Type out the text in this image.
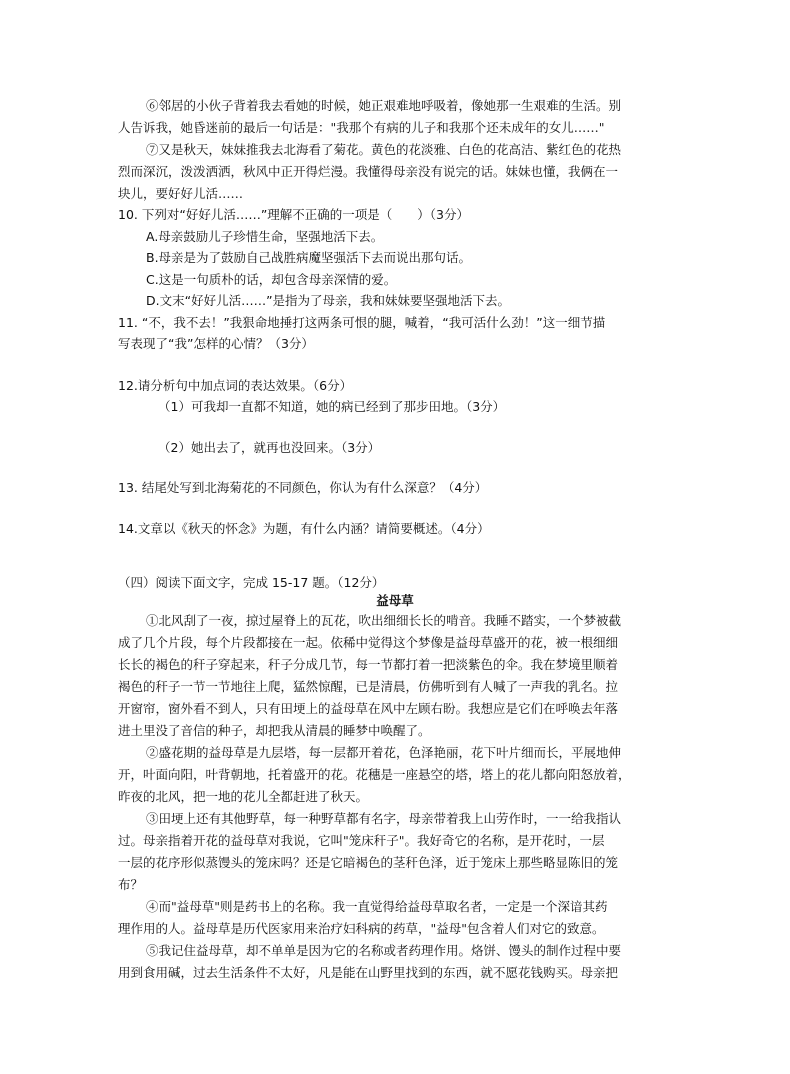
⑥邻居的小伙子背着我去看她的时候，她正艰难地呼吸着，像她那一生艰难的生活。别
人告诉我，她昏迷前的最后一句话是："我那个有病的儿子和我那个还未成年的女儿……"
⑦又是秋天，妹妹推我去北海看了菊花。黄色的花淡雅、白色的花高洁、紫红色的花热
烈而深沉，泼泼洒洒，秋风中正开得烂漫。我懂得母亲没有说完的话。妹妹也懂，我俩在一
块儿，要好好儿活……
10. 下列对“好好儿活……”理解不正确的一项是（　　）（3分）
A.母亲鼓励儿子珍惜生命，坚强地活下去。
B.母亲是为了鼓励自己战胜病魔坚强活下去而说出那句话。
C.这是一句质朴的话，却包含母亲深情的爱。
D.文末“好好儿活……”是指为了母亲，我和妹妹要坚强地活下去。
11. “不，我不去！”我狠命地捶打这两条可恨的腿，喊着，“我可活什么劲！”这一细节描
写表现了“我”怎样的心情？（3分）
12.请分析句中加点词的表达效果。（6分）
（1）可我却一直都不知道，她的病已经到了那步田地。（3分）
（2）她出去了，就再也没回来。（3分）
13. 结尾处写到北海菊花的不同颜色，你认为有什么深意？（4分）
14.文章以《秋天的怀念》为题，有什么内涵？请简要概述。（4分）
（四）阅读下面文字，完成 15-17 题。（12分）
益母草
①北风刮了一夜，掠过屋脊上的瓦花，吹出细细长长的啃音。我睡不踏实，一个梦被截
成了几个片段，每个片段都接在一起。依稀中觉得这个梦像是益母草盛开的花，被一根细细
长长的褐色的秆子穿起来，秆子分成几节，每一节都打着一把淡紫色的伞。我在梦境里顺着
褐色的秆子一节一节地往上爬，猛然惊醒，已是清晨，仿佛听到有人喊了一声我的乳名。拉
开窗帘，窗外看不到人，只有田埂上的益母草在风中左顾右盼。我想应是它们在呼唤去年落
进土里没了音信的种子，却把我从清晨的睡梦中唤醒了。
②盛花期的益母草是九层塔，每一层都开着花，色泽艳丽，花下叶片细而长，平展地伸
开，叶面向阳，叶背朝地，托着盛开的花。花穗是一座悬空的塔，塔上的花儿都向阳怒放着，
昨夜的北风，把一地的花儿全都赶进了秋天。
③田埂上还有其他野草，每一种野草都有名字，母亲带着我上山劳作时，一一给我指认
过。母亲指着开花的益母草对我说，它叫"笼床秆子"。我好奇它的名称，是开花时，一层
一层的花序形似蒸馒头的笼床吗？还是它暗褐色的茎秆色泽，近于笼床上那些略显陈旧的笼
布？
④而"益母草"则是药书上的名称。我一直觉得给益母草取名者，一定是一个深谙其药
理作用的人。益母草是历代医家用来治疗妇科病的药草，"益母"包含着人们对它的致意。
⑤我记住益母草，却不单单是因为它的名称或者药理作用。烙饼、馒头的制作过程中要
用到食用碱，过去生活条件不太好，凡是能在山野里找到的东西，就不愿花钱购买。母亲把
